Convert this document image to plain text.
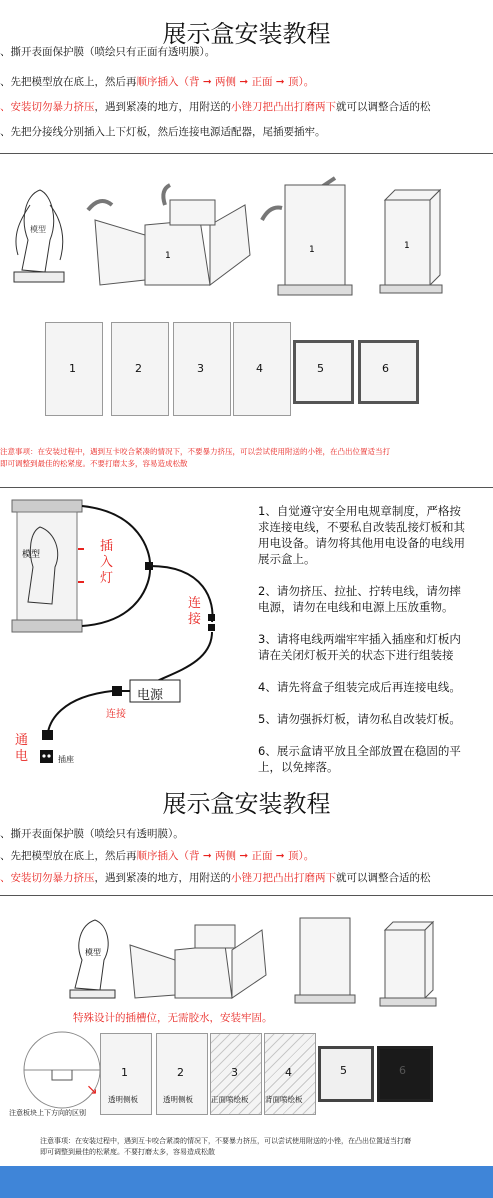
展示盒安装教程
、撕开表面保护膜（喷绘只有正面有透明膜）。
、先把模型放在底上，然后再顺序插入（背 ➞ 两侧 ➞ 正面 ➞ 顶）。
、安装切勿暴力挤压，遇到紧凑的地方，用附送的小锉刀把凸出打磨两下就可以调整合适的松
、先把分接线分别插入上下灯板，然后连接电源适配器，尾插要插牢。
模型
1
1	1
1	2	3	4	5	6
注意事项：在安装过程中，遇到互卡咬合紧凑的情况下，不要暴力挤压，可以尝试使用附送的小锉，在凸出位置适当打
即可调整到最佳的松紧度。不要打磨太多，容易造成松散
模型
插
入
灯
连
接
电源
连接
通
电	插座
1、自觉遵守安全用电规章制度，严格按
求连接电线，不要私自改装乱接灯板和其
用电设备。请勿将其他用电设备的电线用
展示盒上。
2、请勿挤压、拉扯、拧转电线，请勿摔
电源，请勿在电线和电源上压放重物。
3、请将电线两端牢牢插入插座和灯板内
请在关闭灯板开关的状态下进行组装接
4、请先将盒子组装完成后再连接电线。
5、请勿强拆灯板，请勿私自改装灯板。
6、展示盒请平放且全部放置在稳固的平
上，以免摔落。
展示盒安装教程
、撕开表面保护膜（喷绘只有透明膜）。
、先把模型放在底上，然后再顺序插入（背 ➞ 两侧 ➞ 正面 ➞ 顶）。
、安装切勿暴力挤压，遇到紧凑的地方，用附送的小锉刀把凸出打磨两下就可以调整合适的松
模型
特殊设计的插槽位，无需胶水，安装牢固。
↘
1	2	3	4	5	6
透明侧板	透明侧板 正面喷绘板 背面喷绘板
注意板块上下方向的区别
注意事项：在安装过程中，遇到互卡咬合紧凑的情况下，不要暴力挤压，可以尝试使用附送的小锉，在凸出位置适当打磨
即可调整到最佳的松紧度。不要打磨太多，容易造成松散
